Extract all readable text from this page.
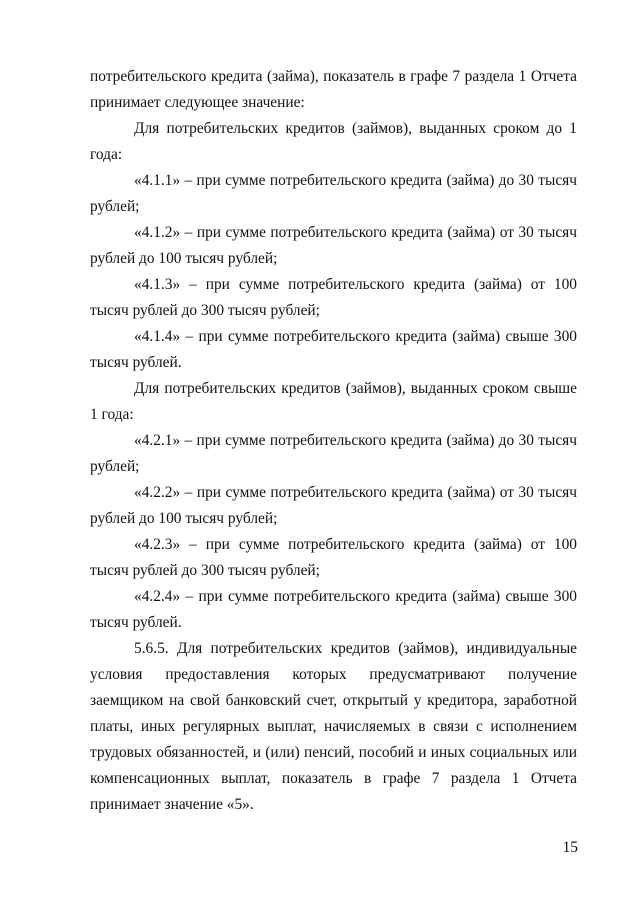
потребительского кредита (займа), показатель в графе 7 раздела 1 Отчета принимает следующее значение:

Для потребительских кредитов (займов), выданных сроком до 1 года:

«4.1.1» – при сумме потребительского кредита (займа) до 30 тысяч рублей;

«4.1.2» – при сумме потребительского кредита (займа) от 30 тысяч рублей до 100 тысяч рублей;

«4.1.3» – при сумме потребительского кредита (займа) от 100 тысяч рублей до 300 тысяч рублей;

«4.1.4» – при сумме потребительского кредита (займа) свыше 300 тысяч рублей.

Для потребительских кредитов (займов), выданных сроком свыше 1 года:

«4.2.1» – при сумме потребительского кредита (займа) до 30 тысяч рублей;

«4.2.2» – при сумме потребительского кредита (займа) от 30 тысяч рублей до 100 тысяч рублей;

«4.2.3» – при сумме потребительского кредита (займа) от 100 тысяч рублей до 300 тысяч рублей;

«4.2.4» – при сумме потребительского кредита (займа) свыше 300 тысяч рублей.

5.6.5. Для потребительских кредитов (займов), индивидуальные условия предоставления которых предусматривают получение заемщиком на свой банковский счет, открытый у кредитора, заработной платы, иных регулярных выплат, начисляемых в связи с исполнением трудовых обязанностей, и (или) пенсий, пособий и иных социальных или компенсационных выплат, показатель в графе 7 раздела 1 Отчета принимает значение «5».

15
